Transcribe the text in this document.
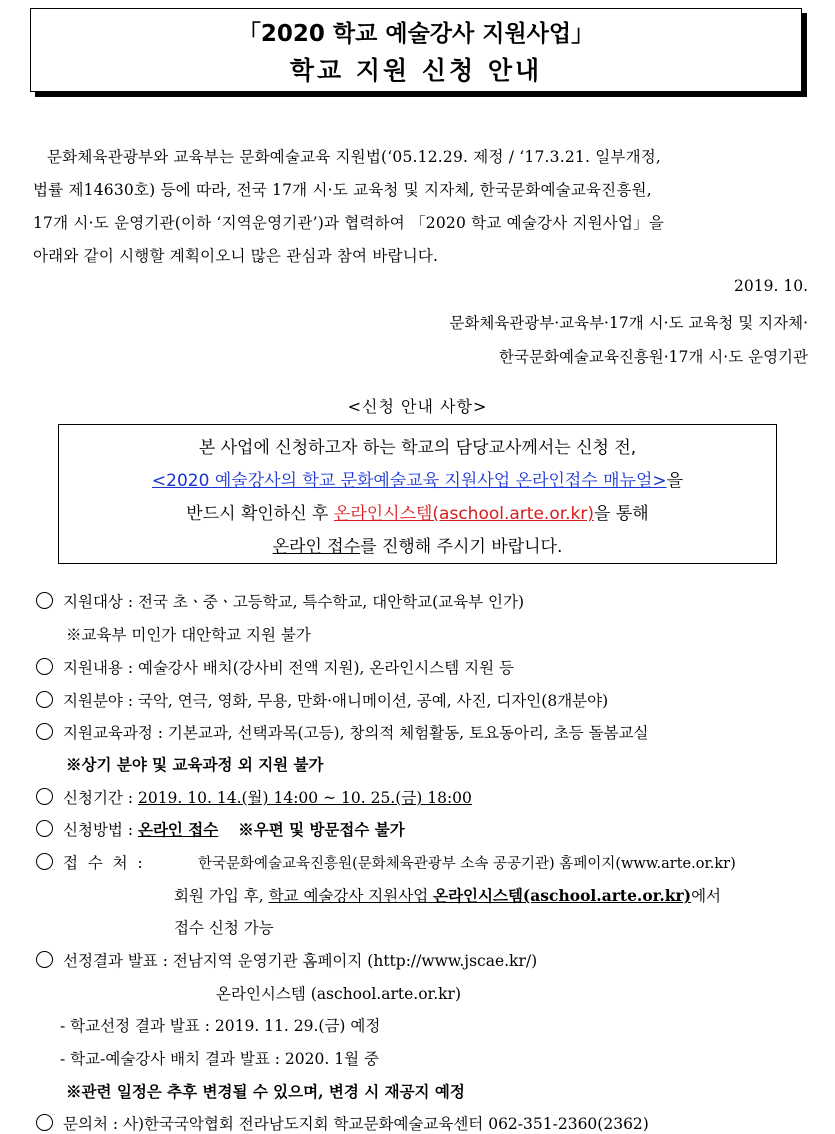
「2020 학교 예술강사 지원사업」
학교 지원 신청 안내
문화체육관광부와 교육부는 문화예술교육 지원법(‘05.12.29. 제정 / ‘17.3.21. 일부개정,
법률 제14630호) 등에 따라, 전국 17개 시·도 교육청 및 지자체, 한국문화예술교육진흥원,
17개 시·도 운영기관(이하 ‘지역운영기관’)과 협력하여 「2020 학교 예술강사 지원사업」을
아래와 같이 시행할 계획이오니 많은 관심과 참여 바랍니다.
2019. 10.
문화체육관광부·교육부·17개 시·도 교육청 및 지자체·
한국문화예술교육진흥원·17개 시·도 운영기관
<신청 안내 사항>
본 사업에 신청하고자 하는 학교의 담당교사께서는 신청 전,
<2020 예술강사의 학교 문화예술교육 지원사업 온라인접수 매뉴얼>을
반드시 확인하신 후 온라인시스템(aschool.arte.or.kr)을 통해
온라인 접수를 진행해 주시기 바랍니다.
지원대상 : 전국 초ㆍ중ㆍ고등학교, 특수학교, 대안학교(교육부 인가)
※교육부 미인가 대안학교 지원 불가
지원내용 : 예술강사 배치(강사비 전액 지원), 온라인시스템 지원 등
지원분야 : 국악, 연극, 영화, 무용, 만화·애니메이션, 공예, 사진, 디자인(8개분야)
지원교육과정 : 기본교과, 선택과목(고등), 창의적 체험활동, 토요동아리, 초등 돌봄교실
※상기 분야 및 교육과정 외 지원 불가
신청기간 : 2019. 10. 14.(월) 14:00 ~ 10. 25.(금) 18:00
신청방법 : 온라인 접수 ※우편 및 방문접수 불가
접  수  처  :	한국문화예술교육진흥원(문화체육관광부 소속 공공기관) 홈페이지(www.arte.or.kr)
회원 가입 후, 학교 예술강사 지원사업 온라인시스템(aschool.arte.or.kr)에서
접수 신청 가능
선정결과 발표 : 전남지역 운영기관 홈페이지 (http://www.jscae.kr/)
온라인시스템 (aschool.arte.or.kr)
- 학교선정 결과 발표 : 2019. 11. 29.(금) 예정
- 학교-예술강사 배치 결과 발표 : 2020. 1월 중
※관련 일정은 추후 변경될 수 있으며, 변경 시 재공지 예정
문의처 : 사)한국국악협회 전라남도지회 학교문화예술교육센터 062-351-2360(2362)
